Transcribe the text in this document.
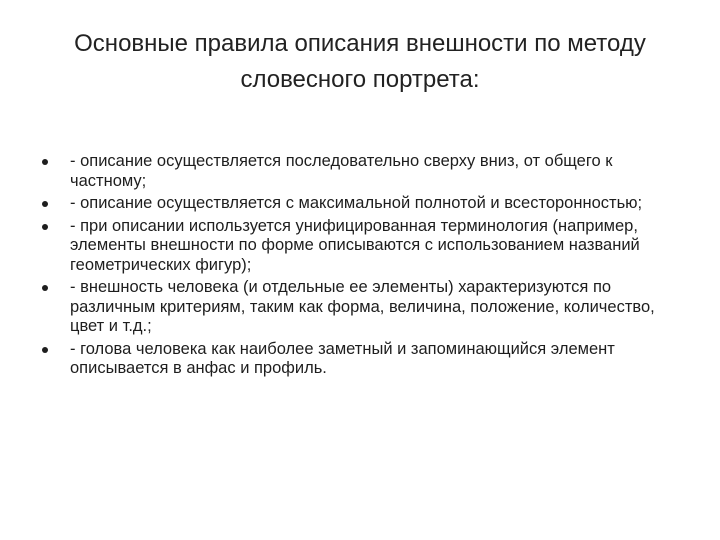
Основные правила описания внешности по методу
словесного портрета:
- описание осуществляется последовательно сверху вниз, от общего к частному;
- описание осуществляется с максимальной полнотой и всесторонностью;
- при описании используется унифицированная терминология (например, элементы внешности по форме описываются с использованием названий геометрических фигур);
- внешность человека (и отдельные ее элементы) характеризуются по различным критериям, таким как форма, величина, положение, количество, цвет и т.д.;
- голова человека как наиболее заметный и запоминающийся элемент описывается в анфас и профиль.
